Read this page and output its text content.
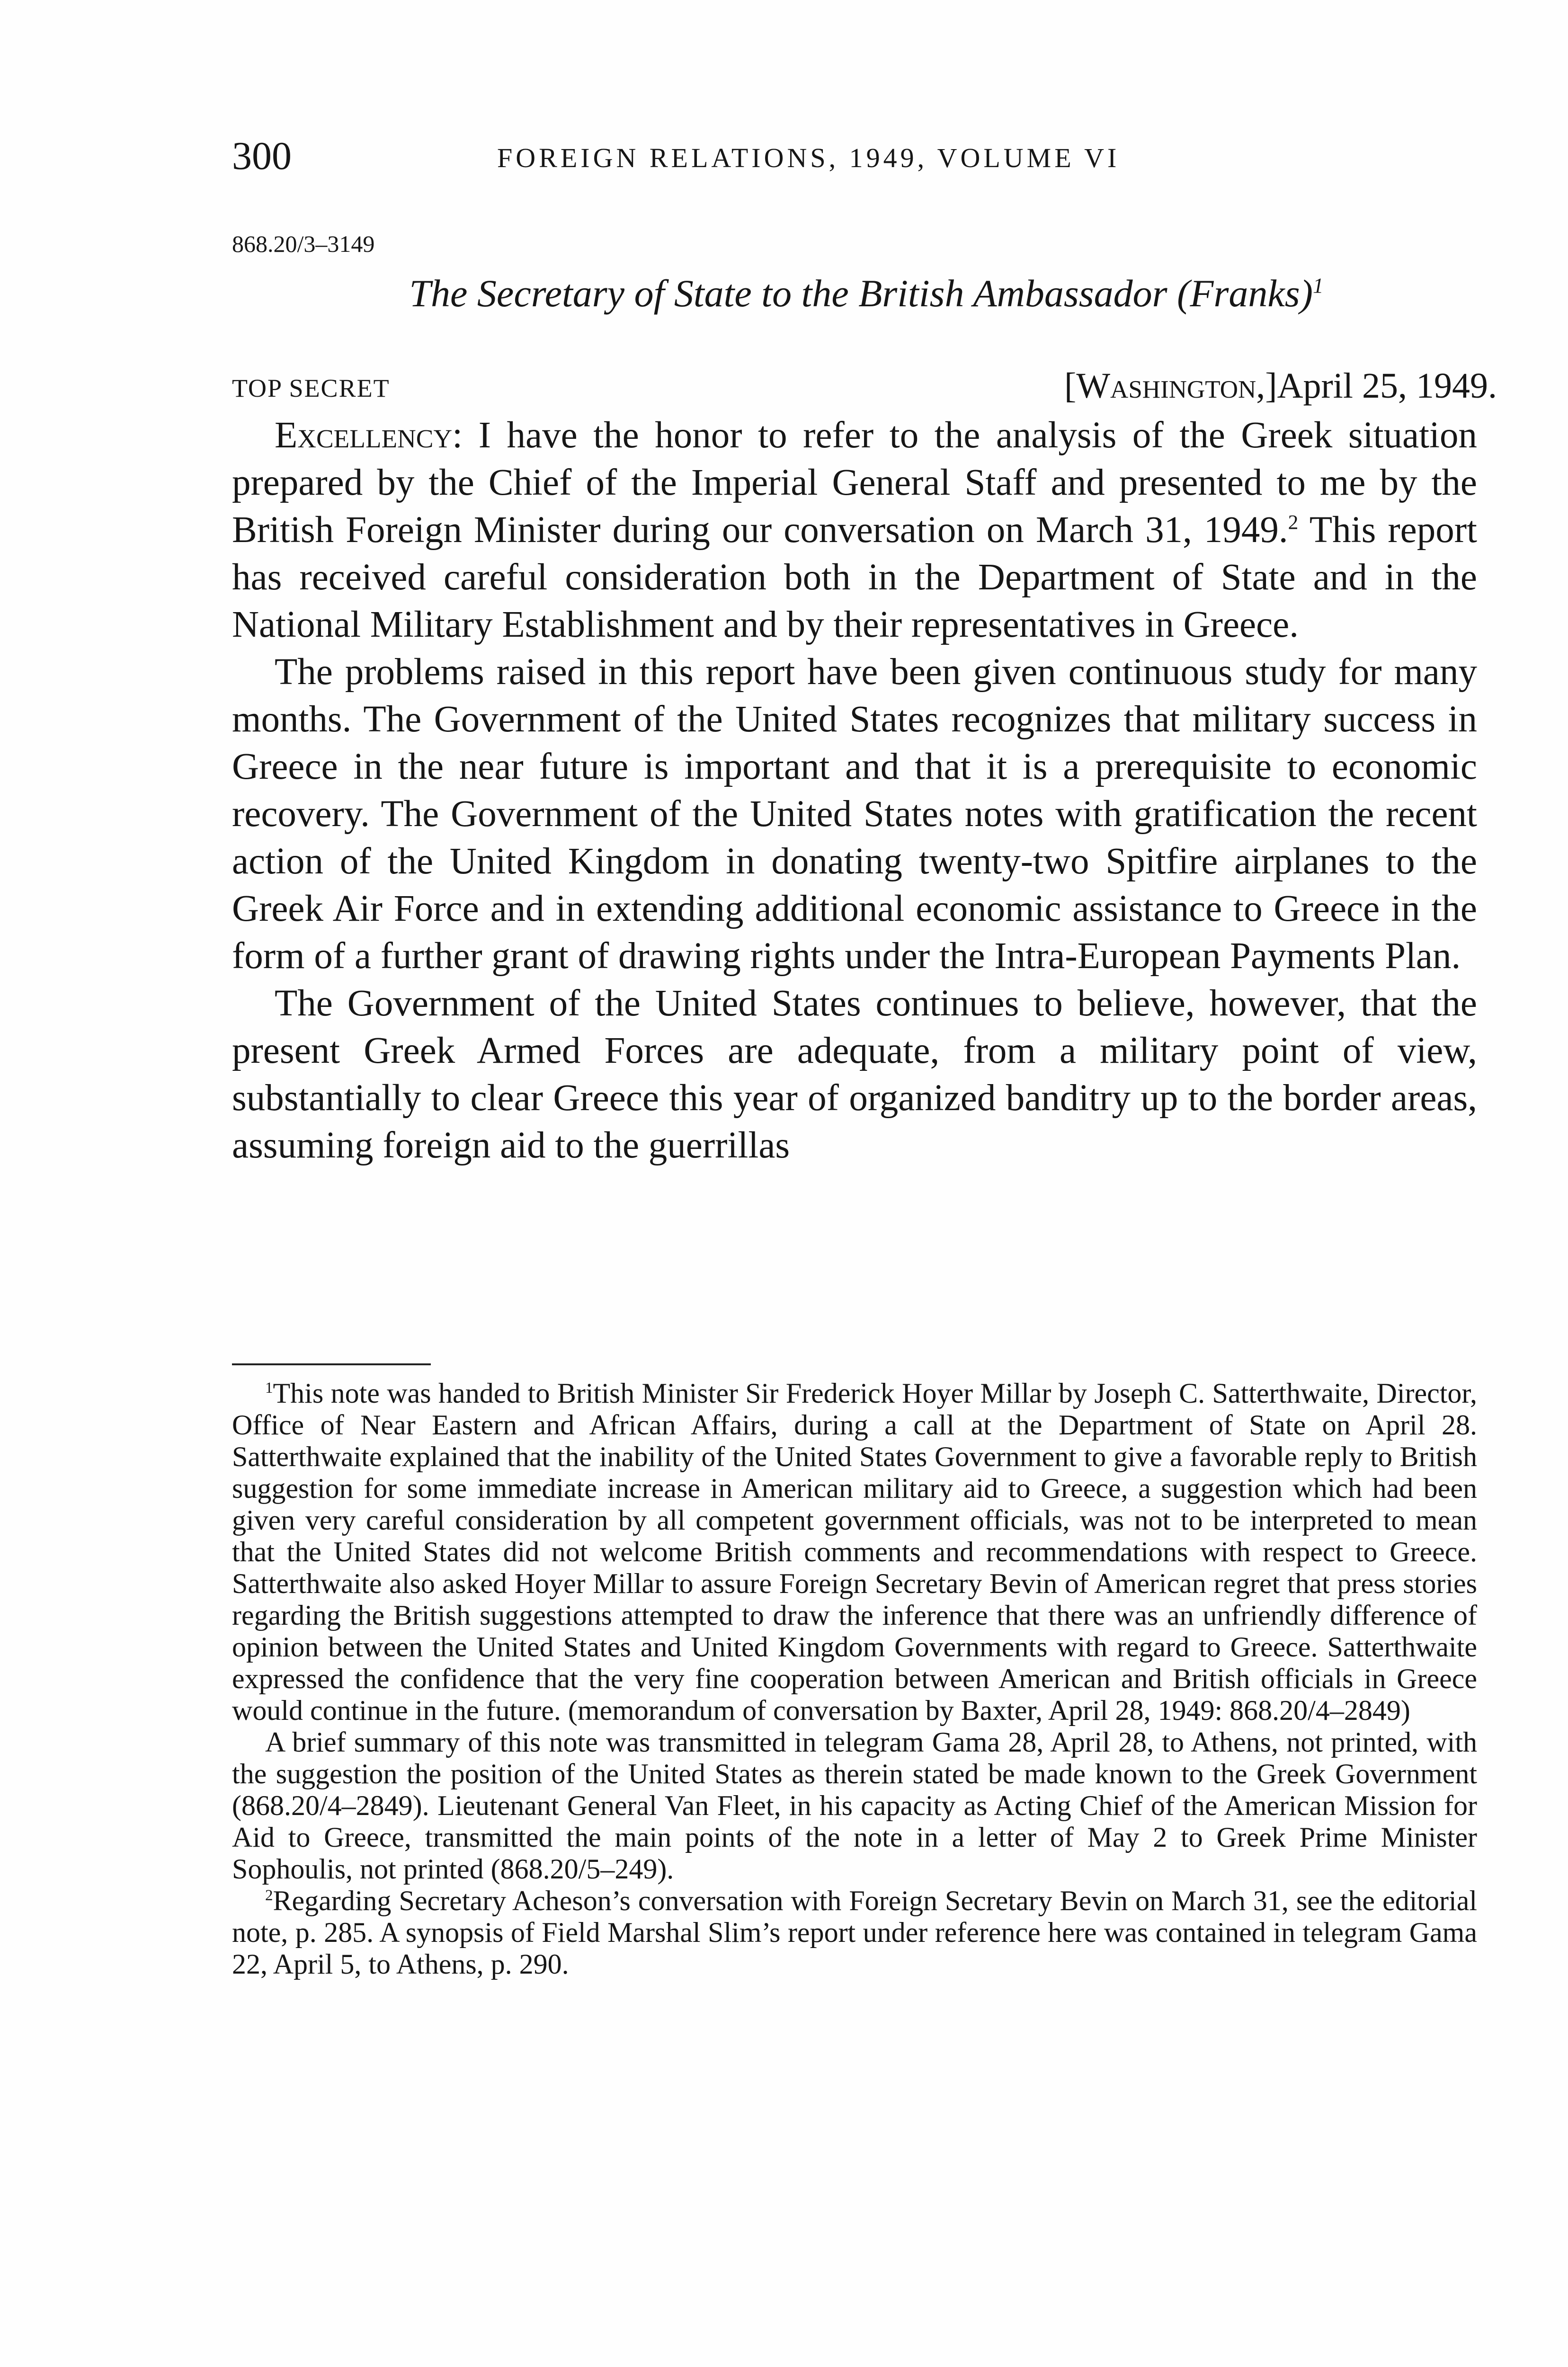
300	FOREIGN RELATIONS, 1949, VOLUME VI
868.20/3–3149
The Secretary of State to the British Ambassador (Franks)$^1$
TOP SECRET	[Washington,]April 25, 1949.

Excellency: I have the honor to refer to the analysis of the Greek situation prepared by the Chief of the Imperial General Staff and presented to me by the British Foreign Minister during our conversation on March 31, 1949.$^2$ This report has received careful consideration both in the Department of State and in the National Military Establishment and by their representatives in Greece.

The problems raised in this report have been given continuous study for many months. The Government of the United States recognizes that military success in Greece in the near future is important and that it is a prerequisite to economic recovery. The Government of the United States notes with gratification the recent action of the United Kingdom in donating twenty-two Spitfire airplanes to the Greek Air Force and in extending additional economic assistance to Greece in the form of a further grant of drawing rights under the Intra-European Payments Plan.

The Government of the United States continues to believe, however, that the present Greek Armed Forces are adequate, from a military point of view, substantially to clear Greece this year of organized banditry up to the border areas, assuming foreign aid to the guerrillas

$^1$This note was handed to British Minister Sir Frederick Hoyer Millar by Joseph C. Satterthwaite, Director, Office of Near Eastern and African Affairs, during a call at the Department of State on April 28. Satterthwaite explained that the inability of the United States Government to give a favorable reply to British suggestion for some immediate increase in American military aid to Greece, a suggestion which had been given very careful consideration by all competent government officials, was not to be interpreted to mean that the United States did not welcome British comments and recommendations with respect to Greece. Satterthwaite also asked Hoyer Millar to assure Foreign Secretary Bevin of American regret that press stories regarding the British suggestions attempted to draw the inference that there was an unfriendly difference of opinion between the United States and United Kingdom Governments with regard to Greece. Satterthwaite expressed the confidence that the very fine cooperation between American and British officials in Greece would continue in the future. (memorandum of conversation by Baxter, April 28, 1949: 868.20/4–2849)

A brief summary of this note was transmitted in telegram Gama 28, April 28, to Athens, not printed, with the suggestion the position of the United States as therein stated be made known to the Greek Government (868.20/4–2849). Lieutenant General Van Fleet, in his capacity as Acting Chief of the American Mission for Aid to Greece, transmitted the main points of the note in a letter of May 2 to Greek Prime Minister Sophoulis, not printed (868.20/5–249).

$^2$Regarding Secretary Acheson’s conversation with Foreign Secretary Bevin on March 31, see the editorial note, p. 285. A synopsis of Field Marshal Slim’s report under reference here was contained in telegram Gama 22, April 5, to Athens, p. 290.
